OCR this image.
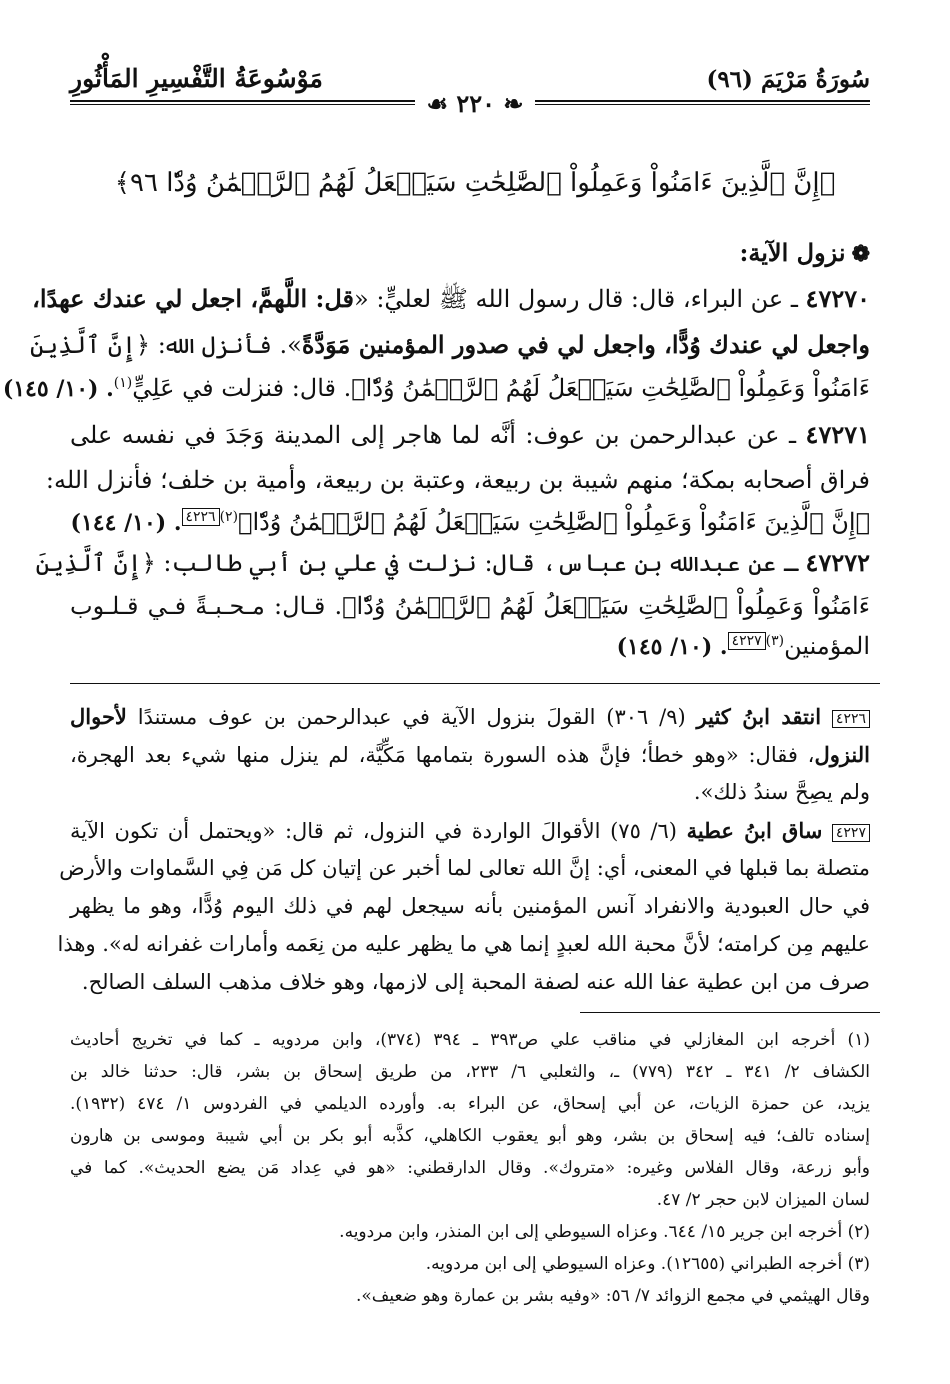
سُورَةُ مَرْيَمَ (٩٦)
مَوْسُوعَةُ التَّفْسِيرِ المَأْثُورِ
❧ ٢٢٠ ☙
﴿إِنَّ ٱلَّذِينَ ءَامَنُواْ وَعَمِلُواْ ٱلصَّٰلِحَٰتِ سَيَجۡعَلُ لَهُمُ ٱلرَّحۡمَٰنُ وُدّٗا ٩٦﴾
❁نزول الآية:
٤٧٢٧٠ ـ عن البراء، قال: قال رسول الله ﷺ لعليٍّ: «قل: اللَّهمَّ، اجعل لي عندك عهدًا،
واجعل لي عندك وُدًّا، واجعل لي في صدور المؤمنين مَوَدَّةً». فأنزل الله: ﴿إِنَّ ٱلَّذِينَ
ءَامَنُواْ وَعَمِلُواْ ٱلصَّٰلِحَٰتِ سَيَجۡعَلُ لَهُمُ ٱلرَّحۡمَٰنُ وُدّٗا﴾. قال: فنزلت في عَلِيٍّ$^{(١)}$. (١٠/ ١٤٥)
٤٧٢٧١ ـ عن عبدالرحمن بن عوف: أنَّه لما هاجر إلى المدينة وَجَدَ في نفسه على
فراق أصحابه بمكة؛ منهم شيبة بن ربيعة، وعتبة بن ربيعة، وأمية بن خلف؛ فأنزل الله:
﴿إِنَّ ٱلَّذِينَ ءَامَنُواْ وَعَمِلُواْ ٱلصَّٰلِحَٰتِ سَيَجۡعَلُ لَهُمُ ٱلرَّحۡمَٰنُ وُدّٗا﴾$^{(٢)}$٤٢٢٦. (١٠/ ١٤٤)
٤٧٢٧٢ ـ عن عبدالله بن عباس، قال: نزلت في علي بن أبي طالب: ﴿إِنَّ ٱلَّذِينَ
ءَامَنُواْ وَعَمِلُواْ ٱلصَّٰلِحَٰتِ سَيَجۡعَلُ لَهُمُ ٱلرَّحۡمَٰنُ وُدّٗا﴾. قـال: مـحـبـةً فـي قـلـوب
المؤمنين$^{(٣)}$٤٢٢٧. (١٠/ ١٤٥)
٤٢٢٦ انتقد ابنُ كثير (٩/ ٣٠٦) القولَ بنزول الآية في عبدالرحمن بن عوف مستندًا لأحوال
النزول، فقال: «وهو خطأ؛ فإنَّ هذه السورة بتمامها مَكِّيَّة، لم ينزل منها شيء بعد الهجرة،
ولم يصِحَّ سندُ ذلك».
٤٢٢٧ ساق ابنُ عطية (٦/ ٧٥) الأقوالَ الواردة في النزول، ثم قال: «ويحتمل أن تكون الآية
متصلة بما قبلها في المعنى، أي: إنَّ الله تعالى لما أخبر عن إتيان كل مَن فِي السَّماوات والأرض
في حال العبودية والانفراد آنس المؤمنين بأنه سيجعل لهم في ذلك اليوم وُدًّا، وهو ما يظهر
عليهم مِن كرامته؛ لأنَّ محبة الله لعبدٍ إنما هي ما يظهر عليه من نِعَمه وأمارات غفرانه له». وهذا
صرف من ابن عطية عفا الله عنه لصفة المحبة إلى لازمها، وهو خلاف مذهب السلف الصالح.
(١) أخرجه ابن المغازلي في مناقب علي ص٣٩٣ ـ ٣٩٤ (٣٧٤)، وابن مردويه ـ كما في تخريج أحاديث
الكشاف ٢/ ٣٤١ ـ ٣٤٢ (٧٧٩) ـ، والثعلبي ٦/ ٢٣٣، من طريق إسحاق بن بشر، قال: حدثنا خالد بن
يزيد، عن حمزة الزيات، عن أبي إسحاق، عن البراء به. وأورده الديلمي في الفردوس ١/ ٤٧٤ (١٩٣٢).
إسناده تالف؛ فيه إسحاق بن بشر، وهو أبو يعقوب الكاهلي، كذَّبه أبو بكر بن أبي شيبة وموسى بن هارون
وأبو زرعة، وقال الفلاس وغيره: «متروك». وقال الدارقطني: «هو في عِداد مَن يضع الحديث». كما في
لسان الميزان لابن حجر ٢/ ٤٧.
(٢) أخرجه ابن جرير ١٥/ ٦٤٤. وعزاه السيوطي إلى ابن المنذر، وابن مردويه.
(٣) أخرجه الطبراني (١٢٦٥٥). وعزاه السيوطي إلى ابن مردويه.
وقال الهيثمي في مجمع الزوائد ٧/ ٥٦: «وفيه بشر بن عمارة وهو ضعيف».
